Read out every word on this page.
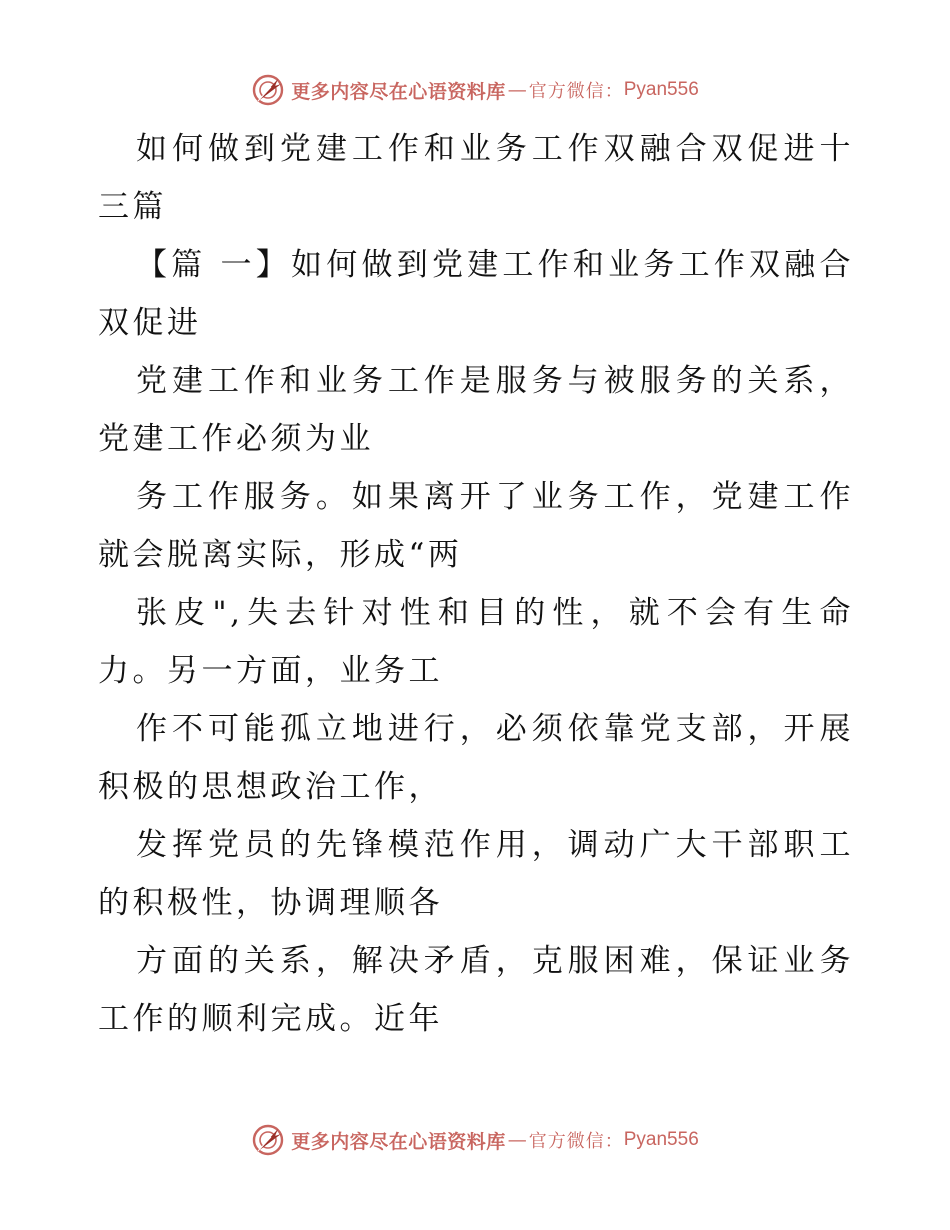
更多内容尽在心语资料库 — 官方微信： Pyan556

如何做到党建工作和业务工作双融合双促进十三篇

【篇 一】如何做到党建工作和业务工作双融合双促进

党建工作和业务工作是服务与被服务的关系，党建工作必须为业

务工作服务。如果离开了业务工作，党建工作就会脱离实际，形成“两

张皮",失去针对性和目的性，就不会有生命力。另一方面，业务工

作不可能孤立地进行，必须依靠党支部，开展积极的思想政治工作，

发挥党员的先锋模范作用，调动广大干部职工的积极性，协调理顺各

方面的关系，解决矛盾，克服困难，保证业务工作的顺利完成。近年

更多内容尽在心语资料库 — 官方微信： Pyan556
